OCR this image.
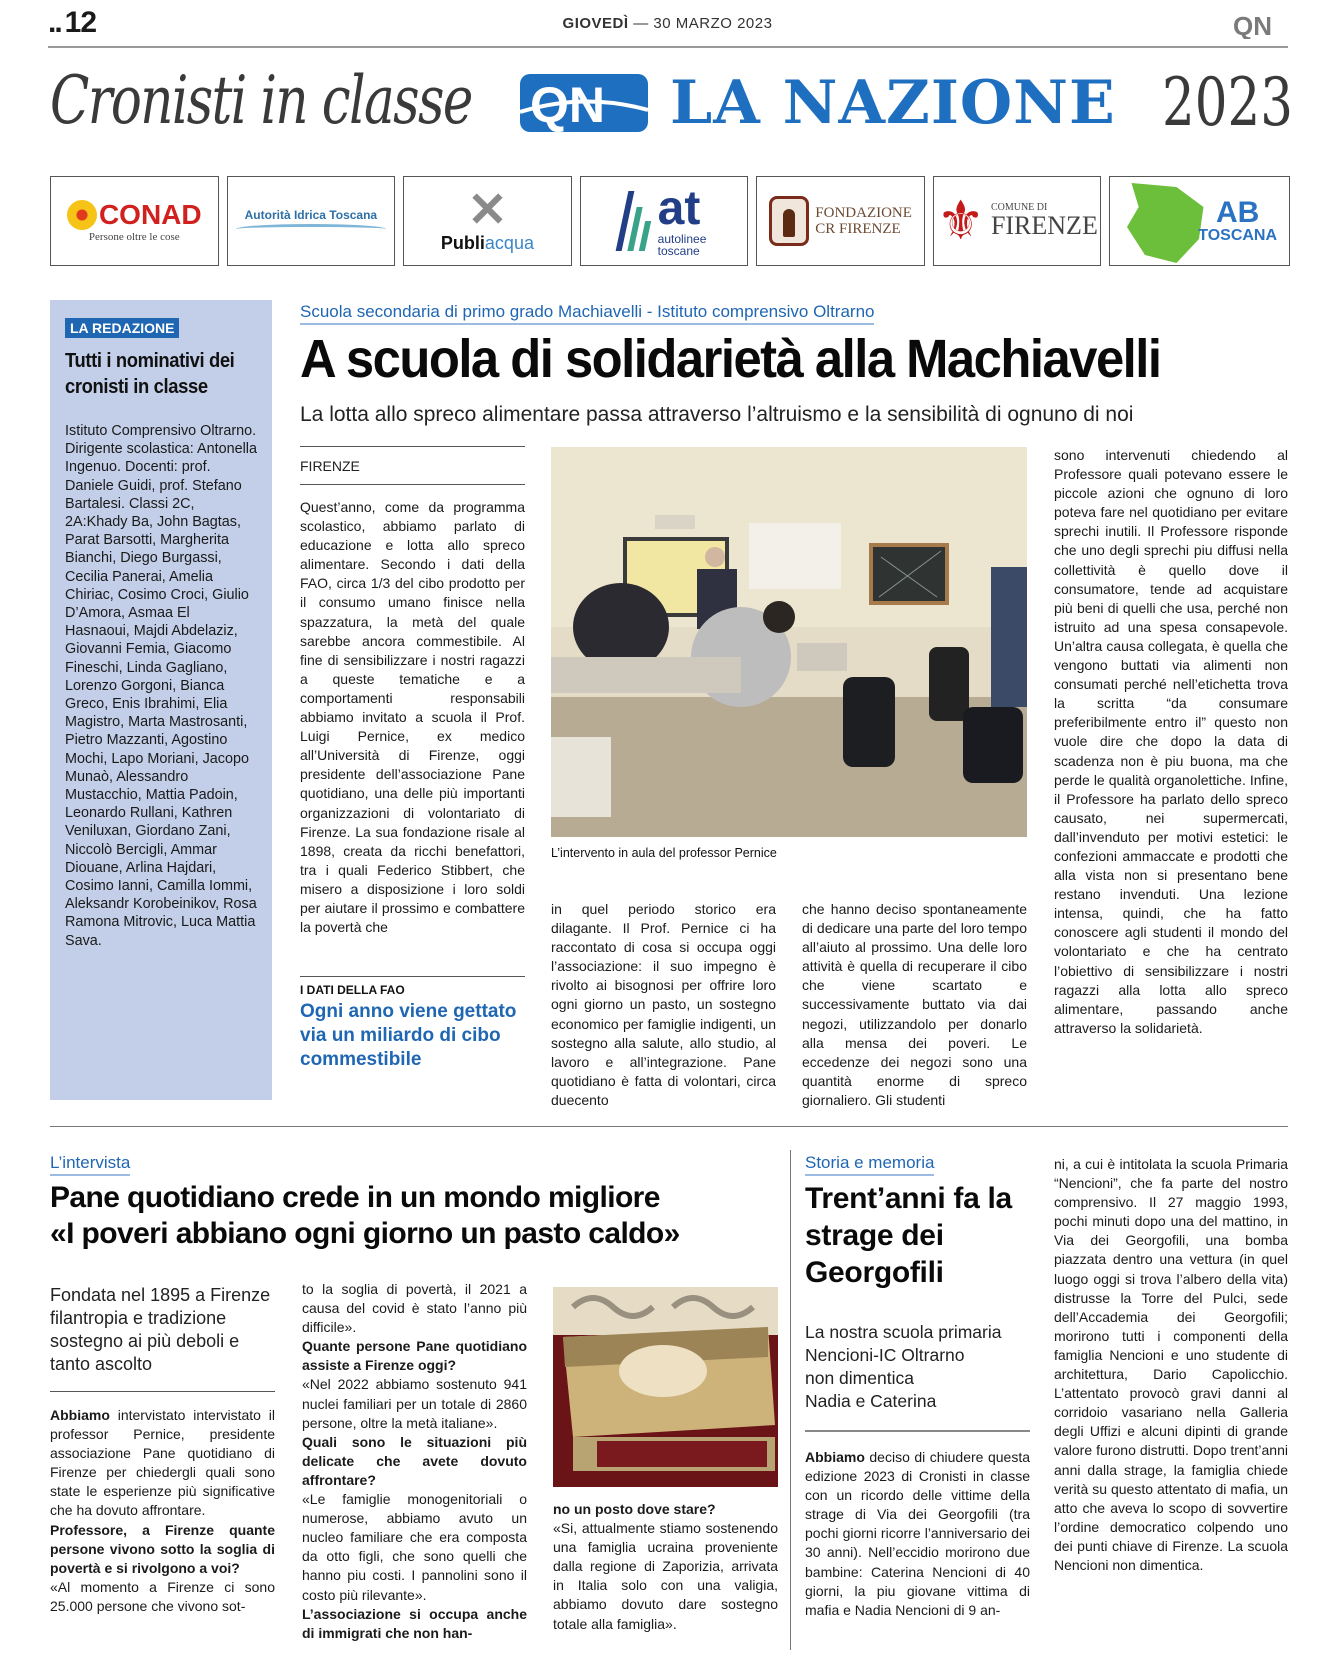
.. 12	GIOVEDÌ — 30 MARZO 2023	QN
Cronisti in classe QN LA NAZIONE 2023
CONAD
Persone oltre le cose
Autorità Idrica Toscana ✕
Publiacqua
at
autolinee
toscane
FONDAZIONE
CR FIRENZE ⚜ COMUNE DI
FIRENZE	AB
TOSCANA
LA REDAZIONE
Tutti i nominativi dei cronisti in classe

Istituto Comprensivo Oltrarno. Dirigente scolastica: Antonella Ingenuo. Docenti: prof. Daniele Guidi, prof. Stefano Bartalesi. Classi 2C, 2A:Khady Ba, John Bagtas, Parat Barsotti, Margherita Bianchi, Diego Burgassi, Cecilia Panerai, Amelia Chiriac, Cosimo Croci, Giulio D’Amora, Asmaa El Hasnaoui, Majdi Abdelaziz, Giovanni Femia, Giacomo Fineschi, Linda Gagliano, Lorenzo Gorgoni, Bianca Greco, Enis Ibrahimi, Elia Magistro, Marta Mastrosanti, Pietro Mazzanti, Agostino Mochi, Lapo Moriani, Jacopo Munaò, Alessandro Mustacchio, Mattia Padoin, Leonardo Rullani, Kathren Veniluxan, Giordano Zani, Niccolò Bercigli, Ammar Diouane, Arlina Hajdari, Cosimo Ianni, Camilla Iommi, Aleksandr Korobeinikov, Rosa Ramona Mitrovic, Luca Mattia Sava.

Scuola secondaria di primo grado Machiavelli - Istituto comprensivo Oltrarno
A scuola di solidarietà alla Machiavelli
La lotta allo spreco alimentare passa attraverso l’altruismo e la sensibilità di ognuno di noi
FIRENZE
Quest’anno, come da programma scolastico, abbiamo parlato di educazione e lotta allo spreco alimentare. Secondo i dati della FAO, circa 1/3 del cibo prodotto per il consumo umano finisce nella spazzatura, la metà del quale sarebbe ancora commestibile. Al fine di sensibilizzare i nostri ragazzi a queste tematiche e a comportamenti responsabili abbiamo invitato a scuola il Prof. Luigi Pernice, ex medico all’Università di Firenze, oggi presidente dell’associazione Pane quotidiano, una delle più importanti organizzazioni di volontariato di Firenze. La sua fondazione risale al 1898, creata da ricchi benefattori, tra i quali Federico Stibbert, che misero a disposizione i loro soldi per aiutare il prossimo e combattere la povertà che
I DATI DELLA FAO
Ogni anno viene gettato via un miliardo di cibo commestibile
L’intervento in aula del professor Pernice
in quel periodo storico era dilagante. Il Prof. Pernice ci ha raccontato di cosa si occupa oggi l’associazione: il suo impegno è rivolto ai bisognosi per offrire loro ogni giorno un pasto, un sostegno economico per famiglie indigenti, un sostegno alla salute, allo studio, al lavoro e all’integrazione. Pane quotidiano è fatta di volontari, circa duecento
che hanno deciso spontaneamente di dedicare una parte del loro tempo all’aiuto al prossimo. Una delle loro attività è quella di recuperare il cibo che viene scartato e successivamente buttato via dai negozi, utilizzandolo per donarlo alla mensa dei poveri. Le eccedenze dei negozi sono una quantità enorme di spreco giornaliero. Gli studenti
sono intervenuti chiedendo al Professore quali potevano essere le piccole azioni che ognuno di loro poteva fare nel quotidiano per evitare sprechi inutili. Il Professore risponde che uno degli sprechi piu diffusi nella collettività è quello dove il consumatore, tende ad acquistare più beni di quelli che usa, perché non istruito ad una spesa consapevole. Un’altra causa collegata, è quella che vengono buttati via alimenti non consumati perché nell’etichetta trova la scritta “da consumare preferibilmente entro il” questo non vuole dire che dopo la data di scadenza non è piu buona, ma che perde le qualità organolettiche. Infine, il Professore ha parlato dello spreco causato, nei supermercati, dall’invenduto per motivi estetici: le confezioni ammaccate e prodotti che alla vista non si presentano bene restano invenduti. Una lezione intensa, quindi, che ha fatto conoscere agli studenti il mondo del volontariato e che ha centrato l’obiettivo di sensibilizzare i nostri ragazzi alla lotta allo spreco alimentare, passando anche attraverso la solidarietà.
L’intervista
Pane quotidiano crede in un mondo migliore
«I poveri abbiano ogni giorno un pasto caldo»
Fondata nel 1895 a Firenze filantropia e tradizione sostegno ai più deboli e tanto ascolto
Abbiamo intervistato intervistato il professor Pernice, presidente associazione Pane quotidiano di Firenze per chiedergli quali sono state le esperienze più significative che ha dovuto affrontare.
Professore, a Firenze quante persone vivono sotto la soglia di povertà e si rivolgono a voi?
«Al momento a Firenze ci sono 25.000 persone che vivono sot-
to la soglia di povertà, il 2021 a causa del covid è stato l’anno più difficile».
Quante persone Pane quotidiano assiste a Firenze oggi?
«Nel 2022 abbiamo sostenuto 941 nuclei familiari per un totale di 2860 persone, oltre la metà italiane».
Quali sono le situazioni più delicate che avete dovuto affrontare?
«Le famiglie monogenitoriali o numerose, abbiamo avuto un nucleo familiare che era composta da otto figli, che sono quelli che hanno piu costi. I pannolini sono il costo più rilevante».
L’associazione si occupa anche di immigrati che non han-
no un posto dove stare?
«Si, attualmente stiamo sostenendo una famiglia ucraina proveniente dalla regione di Zaporizia, arrivata in Italia solo con una valigia, abbiamo dovuto dare sostegno totale alla famiglia».
Storia e memoria
Trent’anni fa la strage dei Georgofili
La nostra scuola primaria
Nencioni-IC Oltrarno
non dimentica
Nadia e Caterina
Abbiamo deciso di chiudere questa edizione 2023 di Cronisti in classe con un ricordo delle vittime della strage di Via dei Georgofili (tra pochi giorni ricorre l’anniversario dei 30 anni). Nell’eccidio morirono due bambine: Caterina Nencioni di 40 giorni, la piu giovane vittima di mafia e Nadia Nencioni di 9 an-
ni, a cui è intitolata la scuola Primaria “Nencioni”, che fa parte del nostro comprensivo. Il 27 maggio 1993, pochi minuti dopo una del mattino, in Via dei Georgofili, una bomba piazzata dentro una vettura (in quel luogo oggi si trova l’albero della vita) distrusse la Torre del Pulci, sede dell’Accademia dei Georgofili; morirono tutti i componenti della famiglia Nencioni e uno studente di architettura, Dario Capolicchio. L’attentato provocò gravi danni al corridoio vasariano nella Galleria degli Uffizi e alcuni dipinti di grande valore furono distrutti. Dopo trent’anni anni dalla strage, la famiglia chiede verità su questo attentato di mafia, un atto che aveva lo scopo di sovvertire l’ordine democratico colpendo uno dei punti chiave di Firenze. La scuola Nencioni non dimentica.
